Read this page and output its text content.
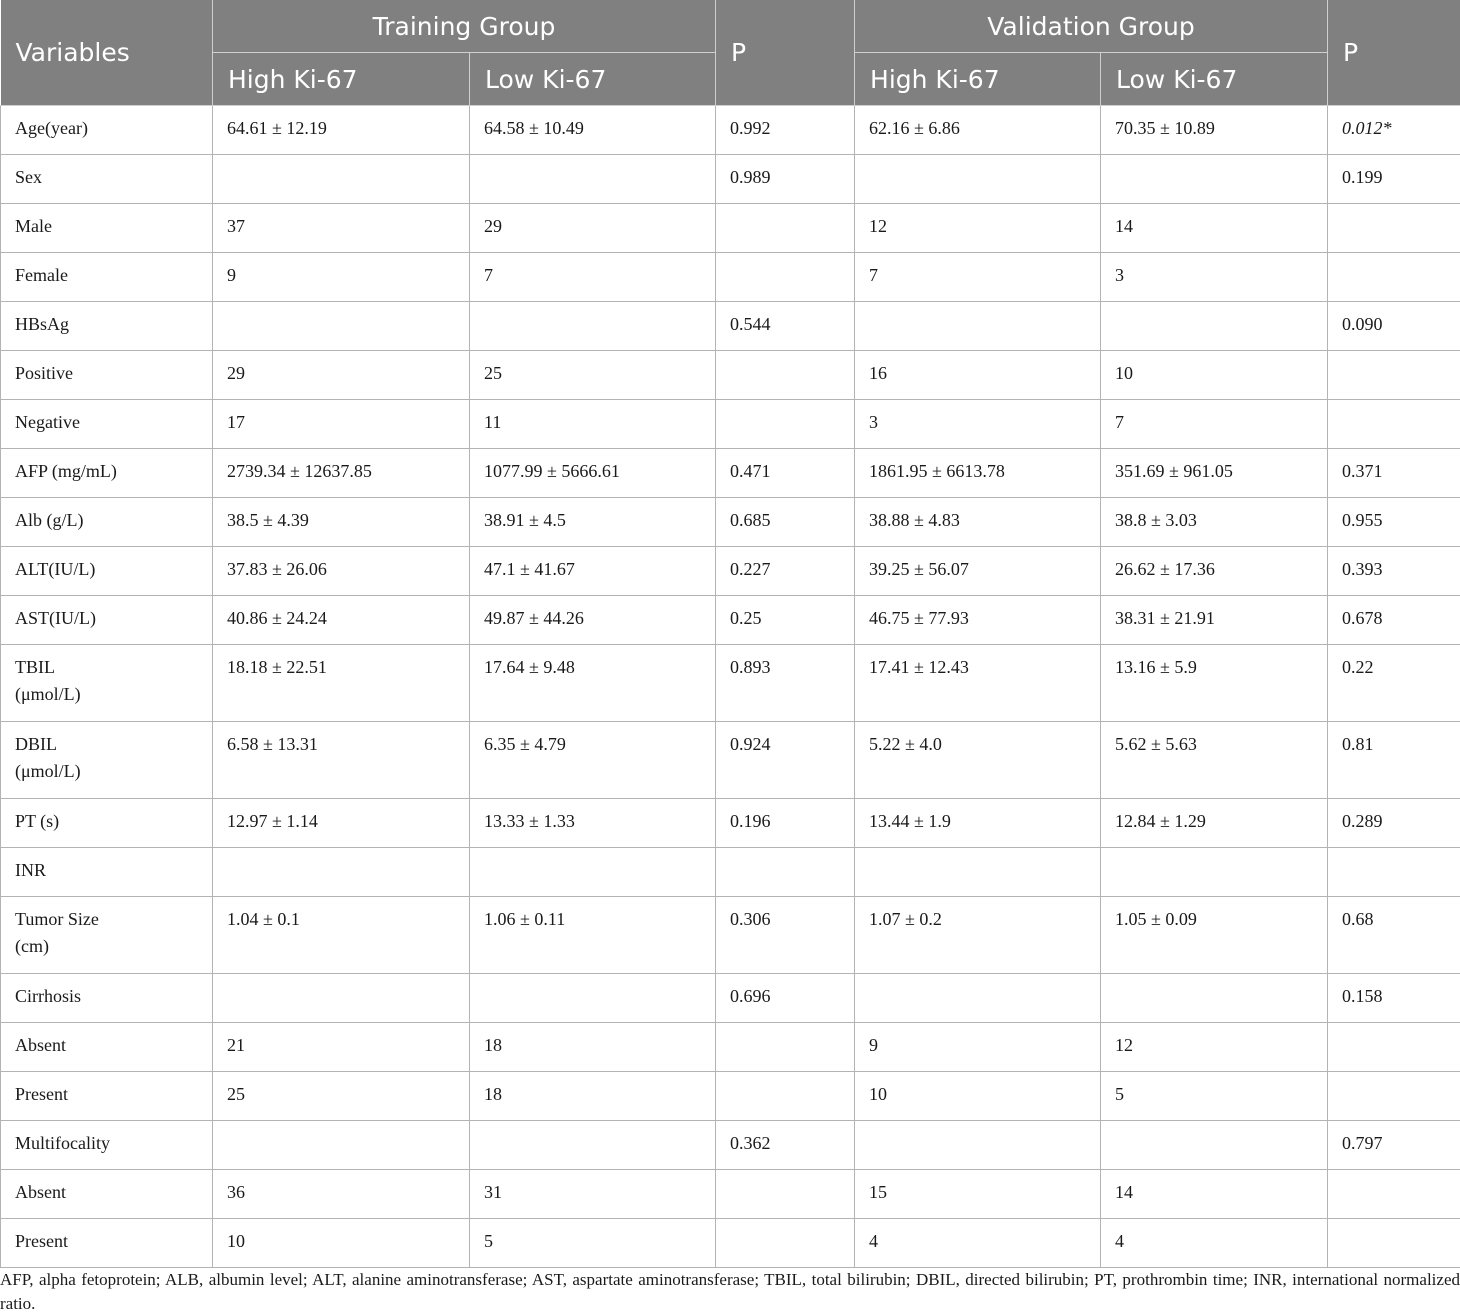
Variables	Training Group		P	Validation Group		P
	High Ki-67	Low Ki-67		High Ki-67	Low Ki-67	
Age(year)	64.61 ± 12.19	64.58 ± 10.49	0.992	62.16 ± 6.86	70.35 ± 10.89	0.012*
Sex			0.989			0.199
Male	37	29		12	14	
Female	9	7		7	3	
HBsAg			0.544			0.090
Positive	29	25		16	10	
Negative	17	11		3	7	
AFP (mg/mL)	2739.34 ± 12637.85	1077.99 ± 5666.61	0.471	1861.95 ± 6613.78	351.69 ± 961.05	0.371
Alb (g/L)	38.5 ± 4.39	38.91 ± 4.5	0.685	38.88 ± 4.83	38.8 ± 3.03	0.955
ALT(IU/L)	37.83 ± 26.06	47.1 ± 41.67	0.227	39.25 ± 56.07	26.62 ± 17.36	0.393
AST(IU/L)	40.86 ± 24.24	49.87 ± 44.26	0.25	46.75 ± 77.93	38.31 ± 21.91	0.678
TBIL
(μmol/L)	18.18 ± 22.51	17.64 ± 9.48	0.893	17.41 ± 12.43	13.16 ± 5.9	0.22
DBIL
(μmol/L)	6.58 ± 13.31	6.35 ± 4.79	0.924	5.22 ± 4.0	5.62 ± 5.63	0.81
PT (s)	12.97 ± 1.14	13.33 ± 1.33	0.196	13.44 ± 1.9	12.84 ± 1.29	0.289
INR						
Tumor Size
(cm)	1.04 ± 0.1	1.06 ± 0.11	0.306	1.07 ± 0.2	1.05 ± 0.09	0.68
Cirrhosis			0.696			0.158
Absent	21	18		9	12	
Present	25	18		10	5	
Multifocality			0.362			0.797
Absent	36	31		15	14	
Present	10	5		4	4	

AFP, alpha fetoprotein; ALB, albumin level; ALT, alanine aminotransferase; AST, aspartate aminotransferase; TBIL, total bilirubin; DBIL, directed bilirubin; PT, prothrombin time; INR, international normalized ratio.
